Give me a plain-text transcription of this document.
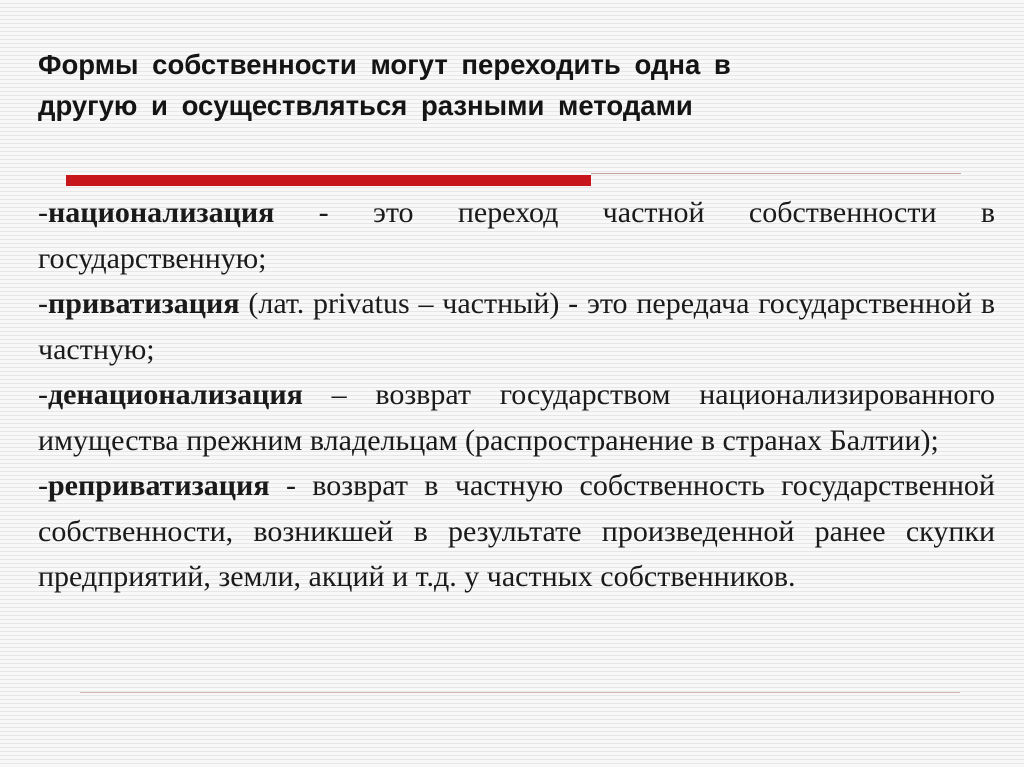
Формы собственности могут переходить одна в
другую и осуществляться разными методами
-национализация - это переход частной собственности в государственную;
-приватизация (лат. privatus – частный) - это передача государственной в частную;
-денационализация – возврат государством национализированного имущества прежним владельцам (распространение в странах Балтии);
-реприватизация - возврат в частную собственность государственной собственности, возникшей в результате произведенной ранее скупки предприятий, земли, акций и т.д. у частных собственников.
